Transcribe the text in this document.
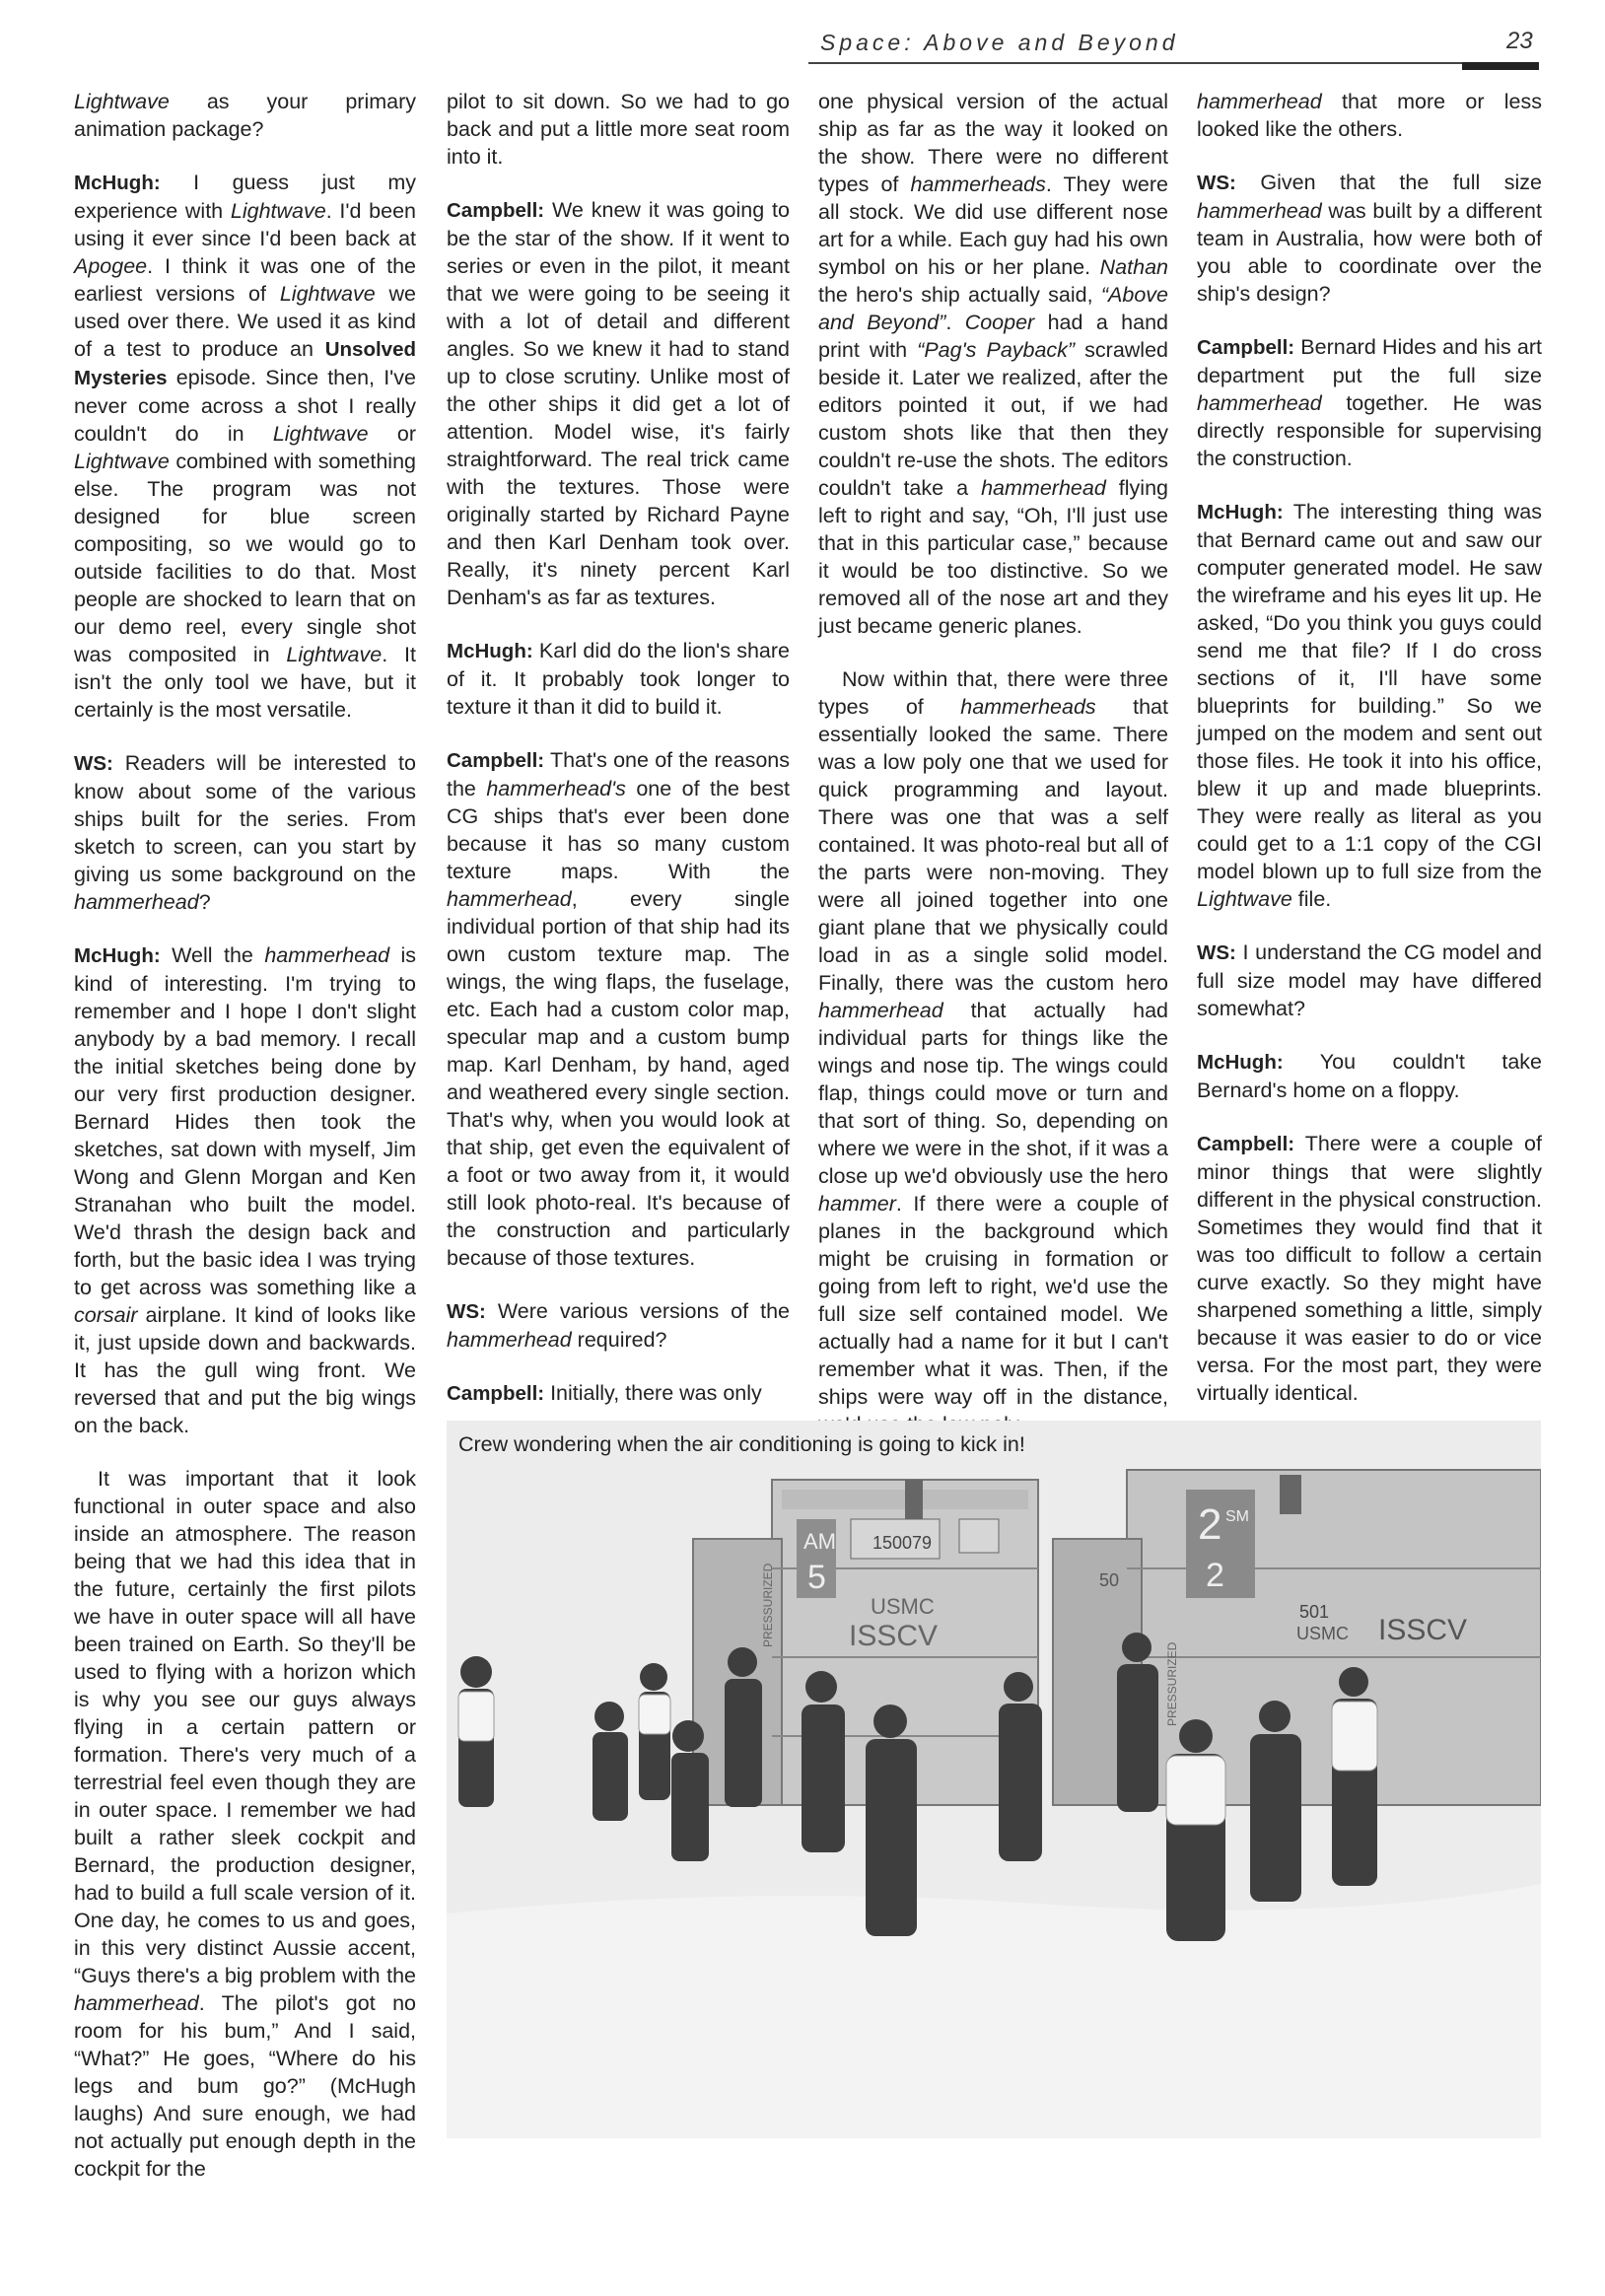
Space: Above and Beyond	23

Lightwave as your primary animation package?

McHugh: I guess just my experience with Lightwave. I'd been using it ever since I'd been back at Apogee. I think it was one of the earliest versions of Lightwave we used over there. We used it as kind of a test to produce an Unsolved Mysteries episode. Since then, I've never come across a shot I really couldn't do in Lightwave or Lightwave combined with something else. The program was not designed for blue screen compositing, so we would go to outside facilities to do that. Most people are shocked to learn that on our demo reel, every single shot was composited in Lightwave. It isn't the only tool we have, but it certainly is the most versatile.

WS: Readers will be interested to know about some of the various ships built for the series. From sketch to screen, can you start by giving us some background on the hammerhead?

McHugh: Well the hammerhead is kind of interesting. I'm trying to remember and I hope I don't slight anybody by a bad memory. I recall the initial sketches being done by our very first production designer. Bernard Hides then took the sketches, sat down with myself, Jim Wong and Glenn Morgan and Ken Stranahan who built the model. We'd thrash the design back and forth, but the basic idea I was trying to get across was something like a corsair airplane. It kind of looks like it, just upside down and backwards. It has the gull wing front. We reversed that and put the big wings on the back.

It was important that it look functional in outer space and also inside an atmosphere. The reason being that we had this idea that in the future, certainly the first pilots we have in outer space will all have been trained on Earth. So they'll be used to flying with a horizon which is why you see our guys always flying in a certain pattern or formation. There's very much of a terrestrial feel even though they are in outer space. I remember we had built a rather sleek cockpit and Bernard, the production designer, had to build a full scale version of it. One day, he comes to us and goes, in this very distinct Aussie accent, “Guys there's a big problem with the hammerhead. The pilot's got no room for his bum,” And I said, “What?” He goes, “Where do his legs and bum go?” (McHugh laughs) And sure enough, we had not actually put enough depth in the cockpit for the

pilot to sit down. So we had to go back and put a little more seat room into it.

Campbell: We knew it was going to be the star of the show. If it went to series or even in the pilot, it meant that we were going to be seeing it with a lot of detail and different angles. So we knew it had to stand up to close scrutiny. Unlike most of the other ships it did get a lot of attention. Model wise, it's fairly straightforward. The real trick came with the textures. Those were originally started by Richard Payne and then Karl Denham took over. Really, it's ninety percent Karl Denham's as far as textures.

McHugh: Karl did do the lion's share of it. It probably took longer to texture it than it did to build it.

Campbell: That's one of the reasons the hammerhead's one of the best CG ships that's ever been done because it has so many custom texture maps. With the hammerhead, every single individual portion of that ship had its own custom texture map. The wings, the wing flaps, the fuselage, etc. Each had a custom color map, specular map and a custom bump map. Karl Denham, by hand, aged and weathered every single section. That's why, when you would look at that ship, get even the equivalent of a foot or two away from it, it would still look photo-real. It's because of the construction and particularly because of those textures.

WS: Were various versions of the hammerhead required?

Campbell: Initially, there was only

one physical version of the actual ship as far as the way it looked on the show. There were no different types of hammerheads. They were all stock. We did use different nose art for a while. Each guy had his own symbol on his or her plane. Nathan the hero's ship actually said, “Above and Beyond”. Cooper had a hand print with “Pag's Payback” scrawled beside it. Later we realized, after the editors pointed it out, if we had custom shots like that then they couldn't re-use the shots. The editors couldn't take a hammerhead flying left to right and say, “Oh, I'll just use that in this particular case,” because it would be too distinctive. So we removed all of the nose art and they just became generic planes.

Now within that, there were three types of hammerheads that essentially looked the same. There was a low poly one that we used for quick programming and layout. There was one that was a self contained. It was photo-real but all of the parts were non-moving. They were all joined together into one giant plane that we physically could load in as a single solid model. Finally, there was the custom hero hammerhead that actually had individual parts for things like the wings and nose tip. The wings could flap, things could move or turn and that sort of thing. So, depending on where we were in the shot, if it was a close up we'd obviously use the hero hammer. If there were a couple of planes in the background which might be cruising in formation or going from left to right, we'd use the full size self contained model. We actually had a name for it but I can't remember what it was. Then, if the ships were way off in the distance,

hammerhead that more or less looked like the others.

WS: Given that the full size hammerhead was built by a different team in Australia, how were both of you able to coordinate over the ship's design?

Campbell: Bernard Hides and his art department put the full size hammerhead together. He was directly responsible for supervising the construction.

McHugh: The interesting thing was that Bernard came out and saw our computer generated model. He saw the wireframe and his eyes lit up. He asked, “Do you think you guys could send me that file? If I do cross sections of it, I'll have some blueprints for building.” So we jumped on the modem and sent out those files. He took it into his office, blew it up and made blueprints. They were really as literal as you could get to a 1:1 copy of the CGI model blown up to full size from the Lightwave file.

WS: I understand the CG model and full size model may have differed somewhat?

McHugh: You couldn't take Bernard's home on a floppy.

Campbell: There were a couple of minor things that were slightly different in the physical construction. Sometimes they would find that it was too difficult to follow a certain curve exactly. So they might have sharpened something a little, simply because it was easier to do or vice versa. For the most part, they were virtually identical.

AM
5
150079
USMC
ISSCV
PRESSURIZED
2 SM
2
501
USMC ISSCV
50
PRESSURIZED
Crew wondering when the air conditioning is going to kick in!
